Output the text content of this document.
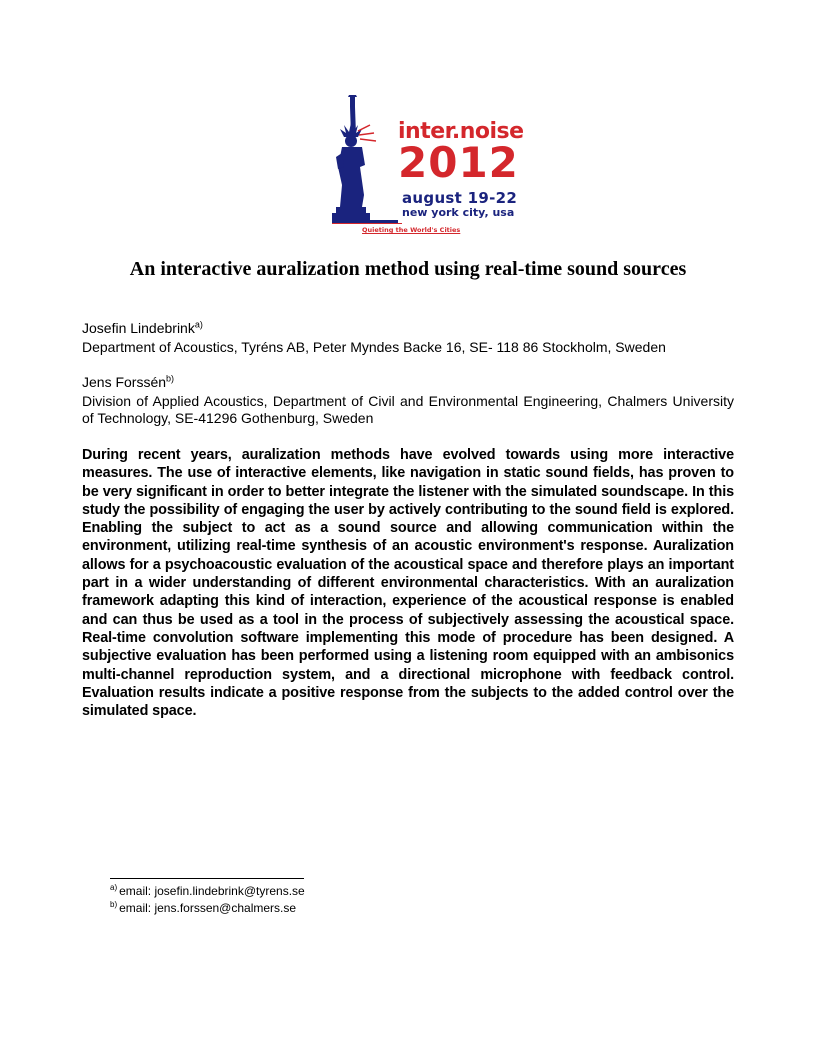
inter.noise
2012
august 19-22
new york city, usa
Quieting the World's Cities
An interactive auralization method using real-time sound sources
Josefin Lindebrink$^{a)}$
Department of Acoustics, Tyréns AB, Peter Myndes Backe 16, SE- 118 86 Stockholm, Sweden
Jens Forssén$^{b)}$
Division of Applied Acoustics, Department of Civil and Environmental Engineering, Chalmers University of Technology, SE-41296 Gothenburg, Sweden
During recent years, auralization methods have evolved towards using more interactive measures. The use of interactive elements, like navigation in static sound fields, has proven to be very significant in order to better integrate the listener with the simulated soundscape. In this study the possibility of engaging the user by actively contributing to the sound field is explored. Enabling the subject to act as a sound source and allowing communication within the environment, utilizing real-time synthesis of an acoustic environment's response. Auralization allows for a psychoacoustic evaluation of the acoustical space and therefore plays an important part in a wider understanding of different environmental characteristics. With an auralization framework adapting this kind of interaction, experience of the acoustical response is enabled and can thus be used as a tool in the process of subjectively assessing the acoustical space. Real-time convolution software implementing this mode of procedure has been designed. A subjective evaluation has been performed using a listening room equipped with an ambisonics multi-channel reproduction system, and a directional microphone with feedback control. Evaluation results indicate a positive response from the subjects to the added control over the simulated space.
$^{a)}$ email: josefin.lindebrink@tyrens.se
$^{b)}$ email: jens.forssen@chalmers.se
